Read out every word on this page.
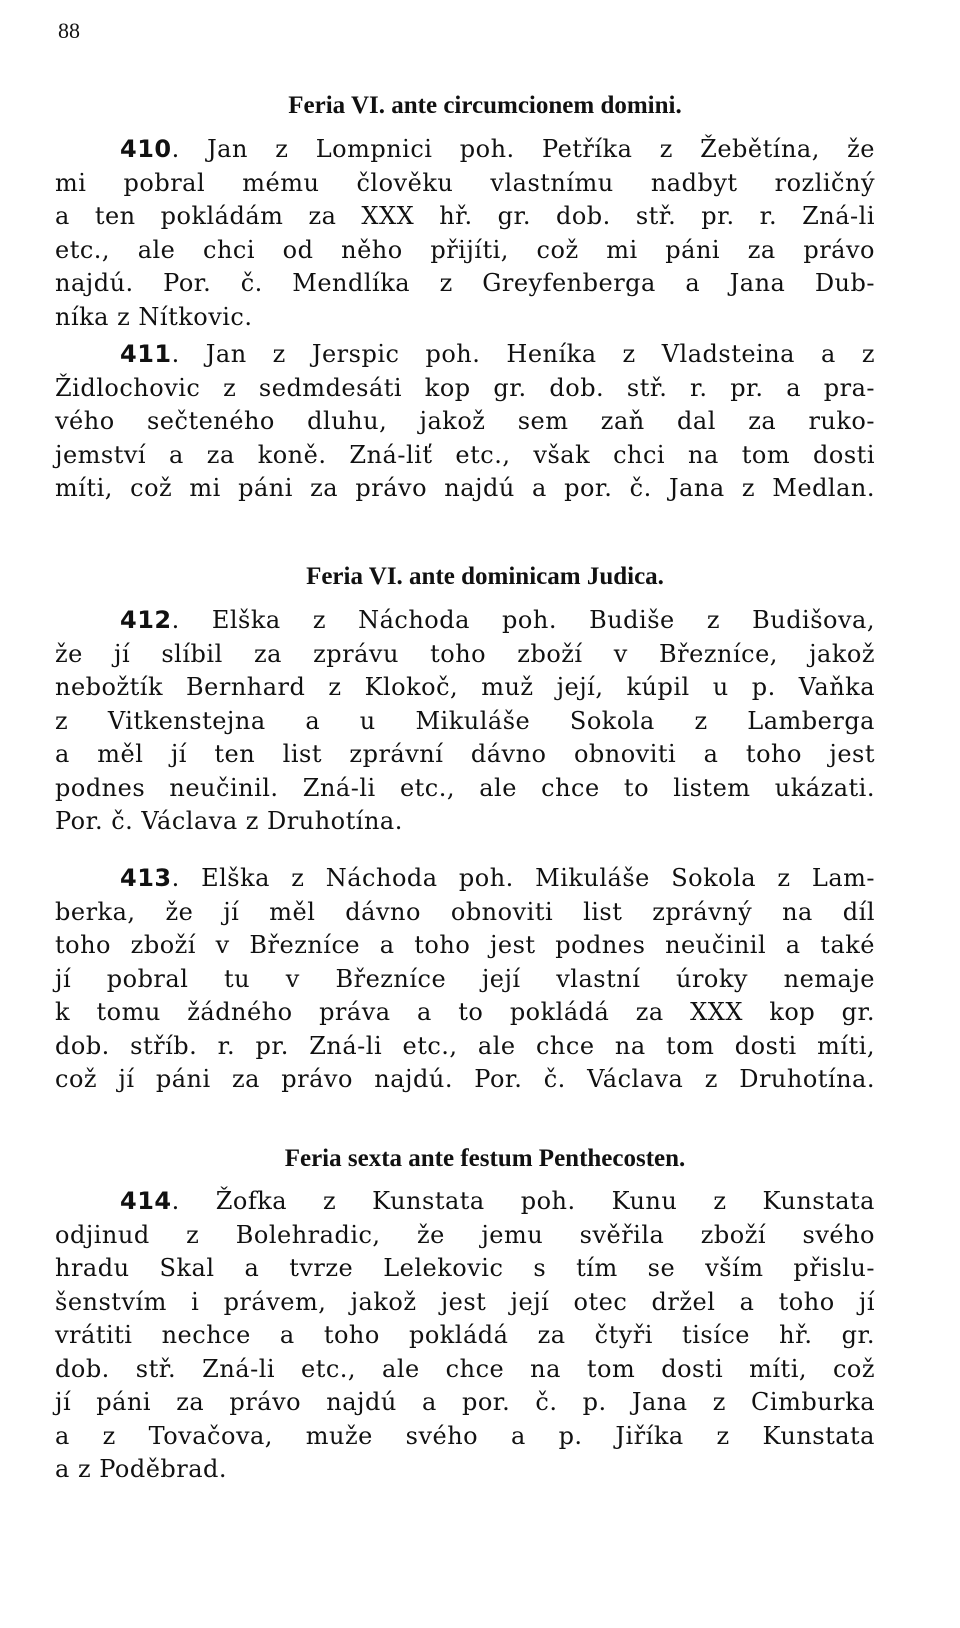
88
Feria VI. ante circumcionem domini.
410. Jan z Lompnici poh. Petříka z Žebětína, že
mi pobral mému člověku vlastnímu nadbyt rozličný
a ten pokládám za XXX hř. gr. dob. stř. pr. r. Zná-li
etc., ale chci od něho přijíti, což mi páni za právo
najdú. Por. č. Mendlíka z Greyfenberga a Jana Dub-
níka z Nítkovic.
411. Jan z Jerspic poh. Heníka z Vladsteina a z
Židlochovic z sedmdesáti kop gr. dob. stř. r. pr. a pra-
vého sečteného dluhu, jakož sem zaň dal za ruko-
jemství a za koně. Zná-liť etc., však chci na tom dosti
míti, což mi páni za právo najdú a por. č. Jana z Medlan.
Feria VI. ante dominicam Judica.
412. Elška z Náchoda poh. Budiše z Budišova,
že jí slíbil za zprávu toho zboží v Březníce, jakož
nebožtík Bernhard z Klokoč, muž její, kúpil u p. Vaňka
z Vitkenstejna a u Mikuláše Sokola z Lamberga
a měl jí ten list zprávní dávno obnoviti a toho jest
podnes neučinil. Zná-li etc., ale chce to listem ukázati.
Por. č. Václava z Druhotína.
413. Elška z Náchoda poh. Mikuláše Sokola z Lam-
berka, že jí měl dávno obnoviti list zprávný na díl
toho zboží v Březníce a toho jest podnes neučinil a také
jí pobral tu v Březníce její vlastní úroky nemaje
k tomu žádného práva a to pokládá za XXX kop gr.
dob. stříb. r. pr. Zná-li etc., ale chce na tom dosti míti,
což jí páni za právo najdú. Por. č. Václava z Druhotína.
Feria sexta ante festum Penthecosten.
414. Žofka z Kunstata poh. Kunu z Kunstata
odjinud z Bolehradic, že jemu svěřila zboží svého
hradu Skal a tvrze Lelekovic s tím se vším přislu-
šenstvím i právem, jakož jest její otec držel a toho jí
vrátiti nechce a toho pokládá za čtyři tisíce hř. gr.
dob. stř. Zná-li etc., ale chce na tom dosti míti, což
jí páni za právo najdú a por. č. p. Jana z Cimburka
a z Tovačova, muže svého a p. Jiříka z Kunstata
a z Poděbrad.
